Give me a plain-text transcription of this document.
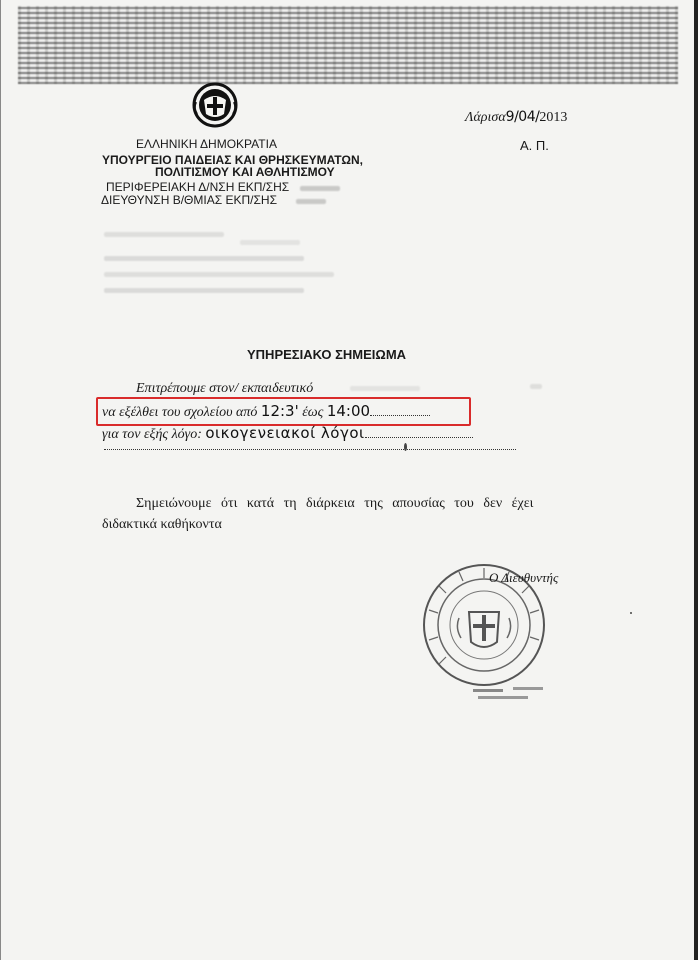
Λάρισα9/04/2013
Α. Π.
ΕΛΛΗΝΙΚΗ ΔΗΜΟΚΡΑΤΙΑ
ΥΠΟΥΡΓΕΙΟ ΠΑΙΔΕΙΑΣ ΚΑΙ ΘΡΗΣΚΕΥΜΑΤΩΝ,
ΠΟΛΙΤΙΣΜΟΥ ΚΑΙ ΑΘΛΗΤΙΣΜΟΥ
ΠΕΡΙΦΕΡΕΙΑΚΗ Δ/ΝΣΗ ΕΚΠ/ΣΗΣ
ΔΙΕΥΘΥΝΣΗ Β/ΘΜΙΑΣ ΕΚΠ/ΣΗΣ
ΥΠΗΡΕΣΙΑΚΟ ΣΗΜΕΙΩΜΑ
Επιτρέπουμε στον/ εκπαιδευτικό
να εξέλθει του σχολείου από 12:3' έως 14:00
για τον εξής λόγο: οικογενειακοί λόγοι
Σημειώνουμε ότι κατά τη διάρκεια της απουσίας του δεν έχει
διδακτικά καθήκοντα
Ο Διευθυντής
